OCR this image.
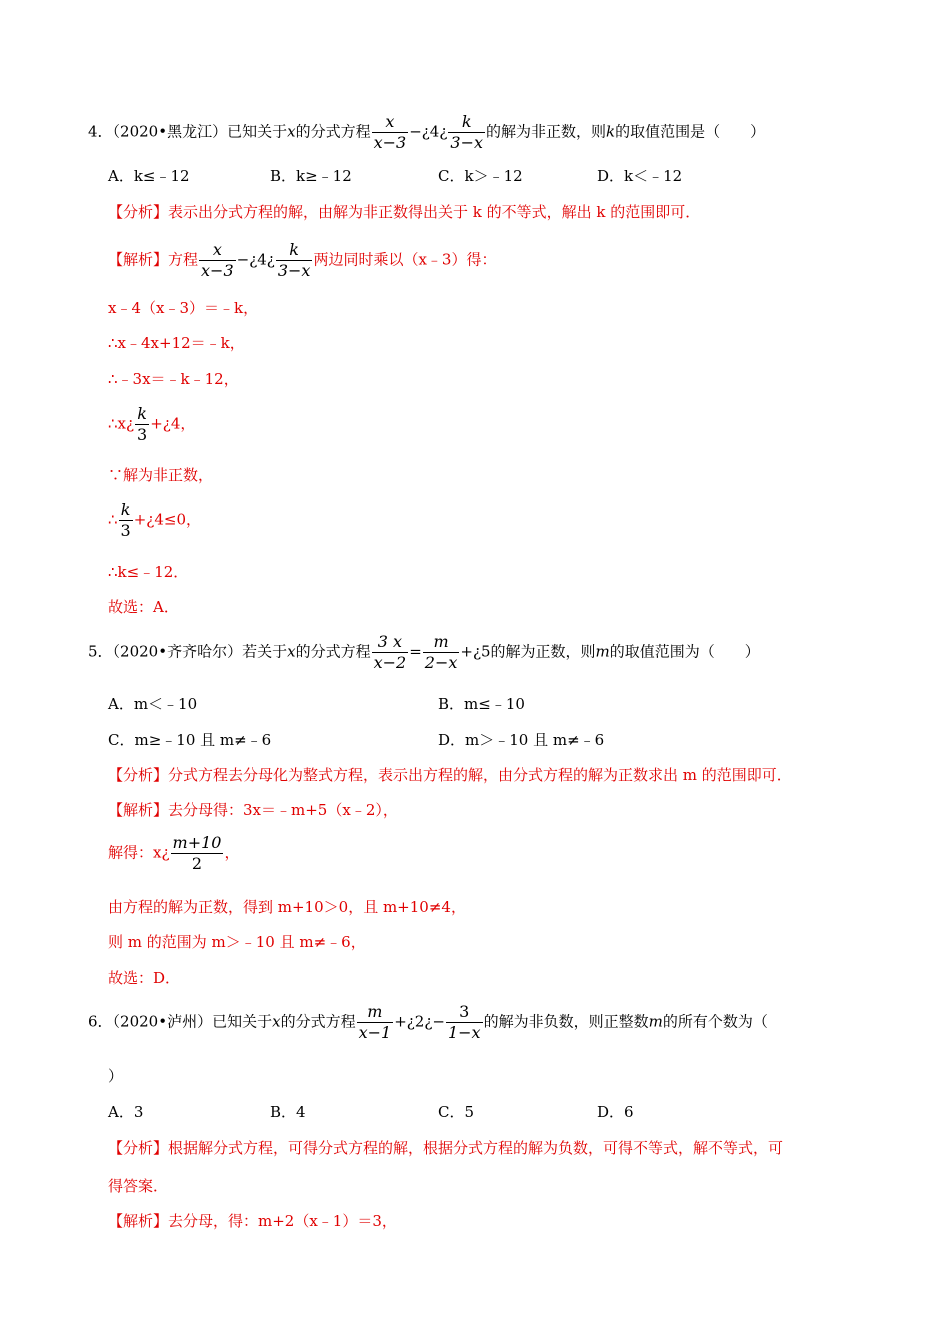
4．（2020•黑龙江）已知关于x的分式方程 $\frac{x}{x-3}$ −¿4¿ $\frac{k}{3-x}$ 的解为非正数，则k的取值范围是（　　）
A．k≤﹣12	B．k≥﹣12	C．k＞﹣12	D．k＜﹣12
【分析】表示出分式方程的解，由解为非正数得出关于 k 的不等式，解出 k 的范围即可．
【解析】方程 $\frac{x}{x-3}$ −¿4¿ $\frac{k}{3-x}$ 两边同时乘以（x﹣3）得：
x﹣4（x﹣3）＝﹣k，
∴x﹣4x+12＝﹣k，
∴﹣3x＝﹣k﹣12，
∴x¿ $\frac{k}{3}$ +¿4，
∵解为非正数，
∴ $\frac{k}{3}$ +¿4≤0，
∴k≤﹣12．
故选：A．
5．（2020•齐齐哈尔）若关于x的分式方程 $\frac{3 x}{x-2} = \frac{m}{2-x}$ +¿5的解为正数，则m的取值范围为（　　）
A．m＜﹣10	B．m≤﹣10
C．m≥﹣10 且 m≠﹣6	D．m＞﹣10 且 m≠﹣6
【分析】分式方程去分母化为整式方程，表示出方程的解，由分式方程的解为正数求出 m 的范围即可．
【解析】去分母得：3x＝﹣m+5（x﹣2），
解得：x¿ $\frac{m+10}{2}$ ，
由方程的解为正数，得到 m+10＞0，且 m+10≠4，
则 m 的范围为 m＞﹣10 且 m≠﹣6，
故选：D．
6．（2020•泸州）已知关于x的分式方程 $\frac{m}{x-1}$ +¿2¿− $\frac{3}{1-x}$ 的解为非负数，则正整数m的所有个数为（
）
A．3	B．4	C．5	D．6
【分析】根据解分式方程，可得分式方程的解，根据分式方程的解为负数，可得不等式，解不等式，可
得答案．
【解析】去分母，得：m+2（x﹣1）＝3，
